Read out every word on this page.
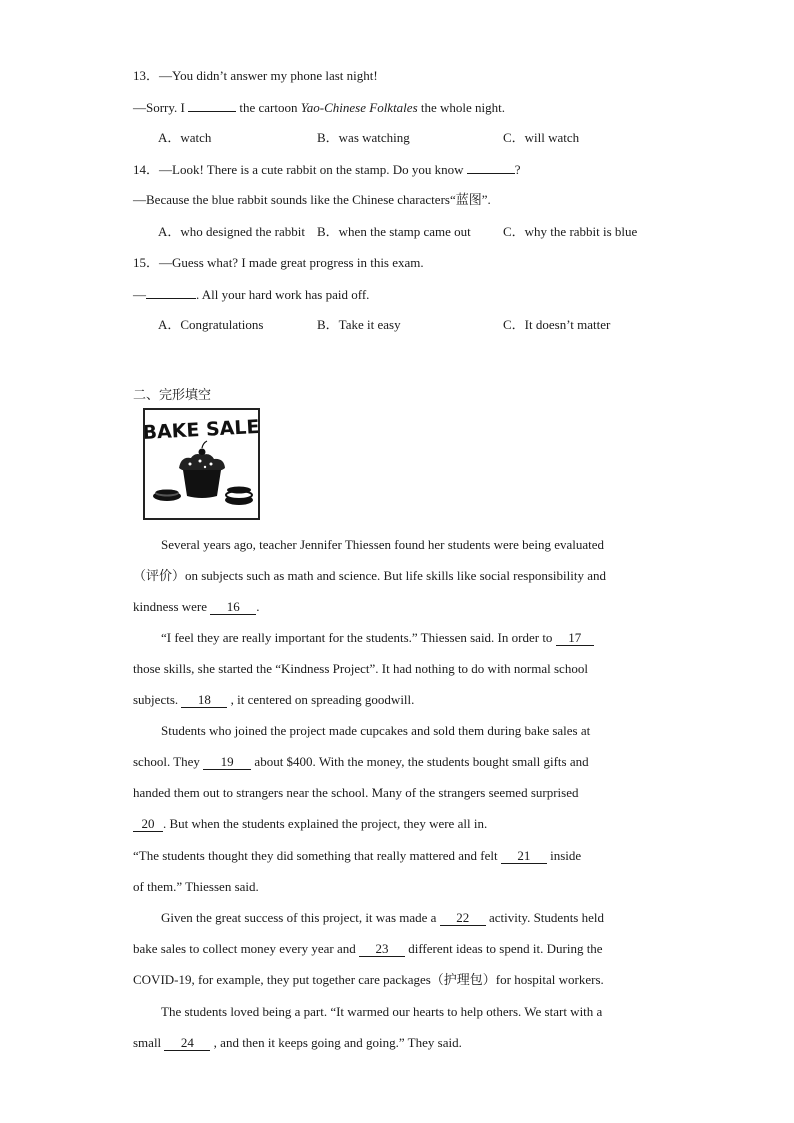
13．—You didn’t answer my phone last night!
—Sorry. I	the cartoon Yao-Chinese Folktales the whole night.
A．watch	B．was watching	C．will watch
14．—Look! There is a cute rabbit on the stamp. Do you know	?
—Because the blue rabbit sounds like the Chinese characters“蓝图”.
A．who designed the rabbit B．when the stamp came out C．why the rabbit is blue
15．—Guess what? I made great progress in this exam.
—	. All your hard work has paid off.
A．Congratulations	B．Take it easy	C．It doesn’t matter
二、完形填空
BAKE SALE
Several years ago, teacher Jennifer Thiessen found her students were being evaluated
（评价）on subjects such as math and science. But life skills like social responsibility and
kindness were 16 .
“I feel they are really important for the students.” Thiessen said. In order to 17
those skills, she started the “Kindness Project”. It had nothing to do with normal school
subjects. 18 , it centered on spreading goodwill.
Students who joined the project made cupcakes and sold them during bake sales at
school. They 19 about $400. With the money, the students bought small gifts and
handed them out to strangers near the school. Many of the strangers seemed surprised
20 . But when the students explained the project, they were all in.
“The students thought they did something that really mattered and felt 21 inside
of them.” Thiessen said.
Given the great success of this project, it was made a 22 activity. Students held
bake sales to collect money every year and 23 different ideas to spend it. During the
COVID-19, for example, they put together care packages（护理包）for hospital workers.
The students loved being a part. “It warmed our hearts to help others. We start with a
small 24 , and then it keeps going and going.” They said.
